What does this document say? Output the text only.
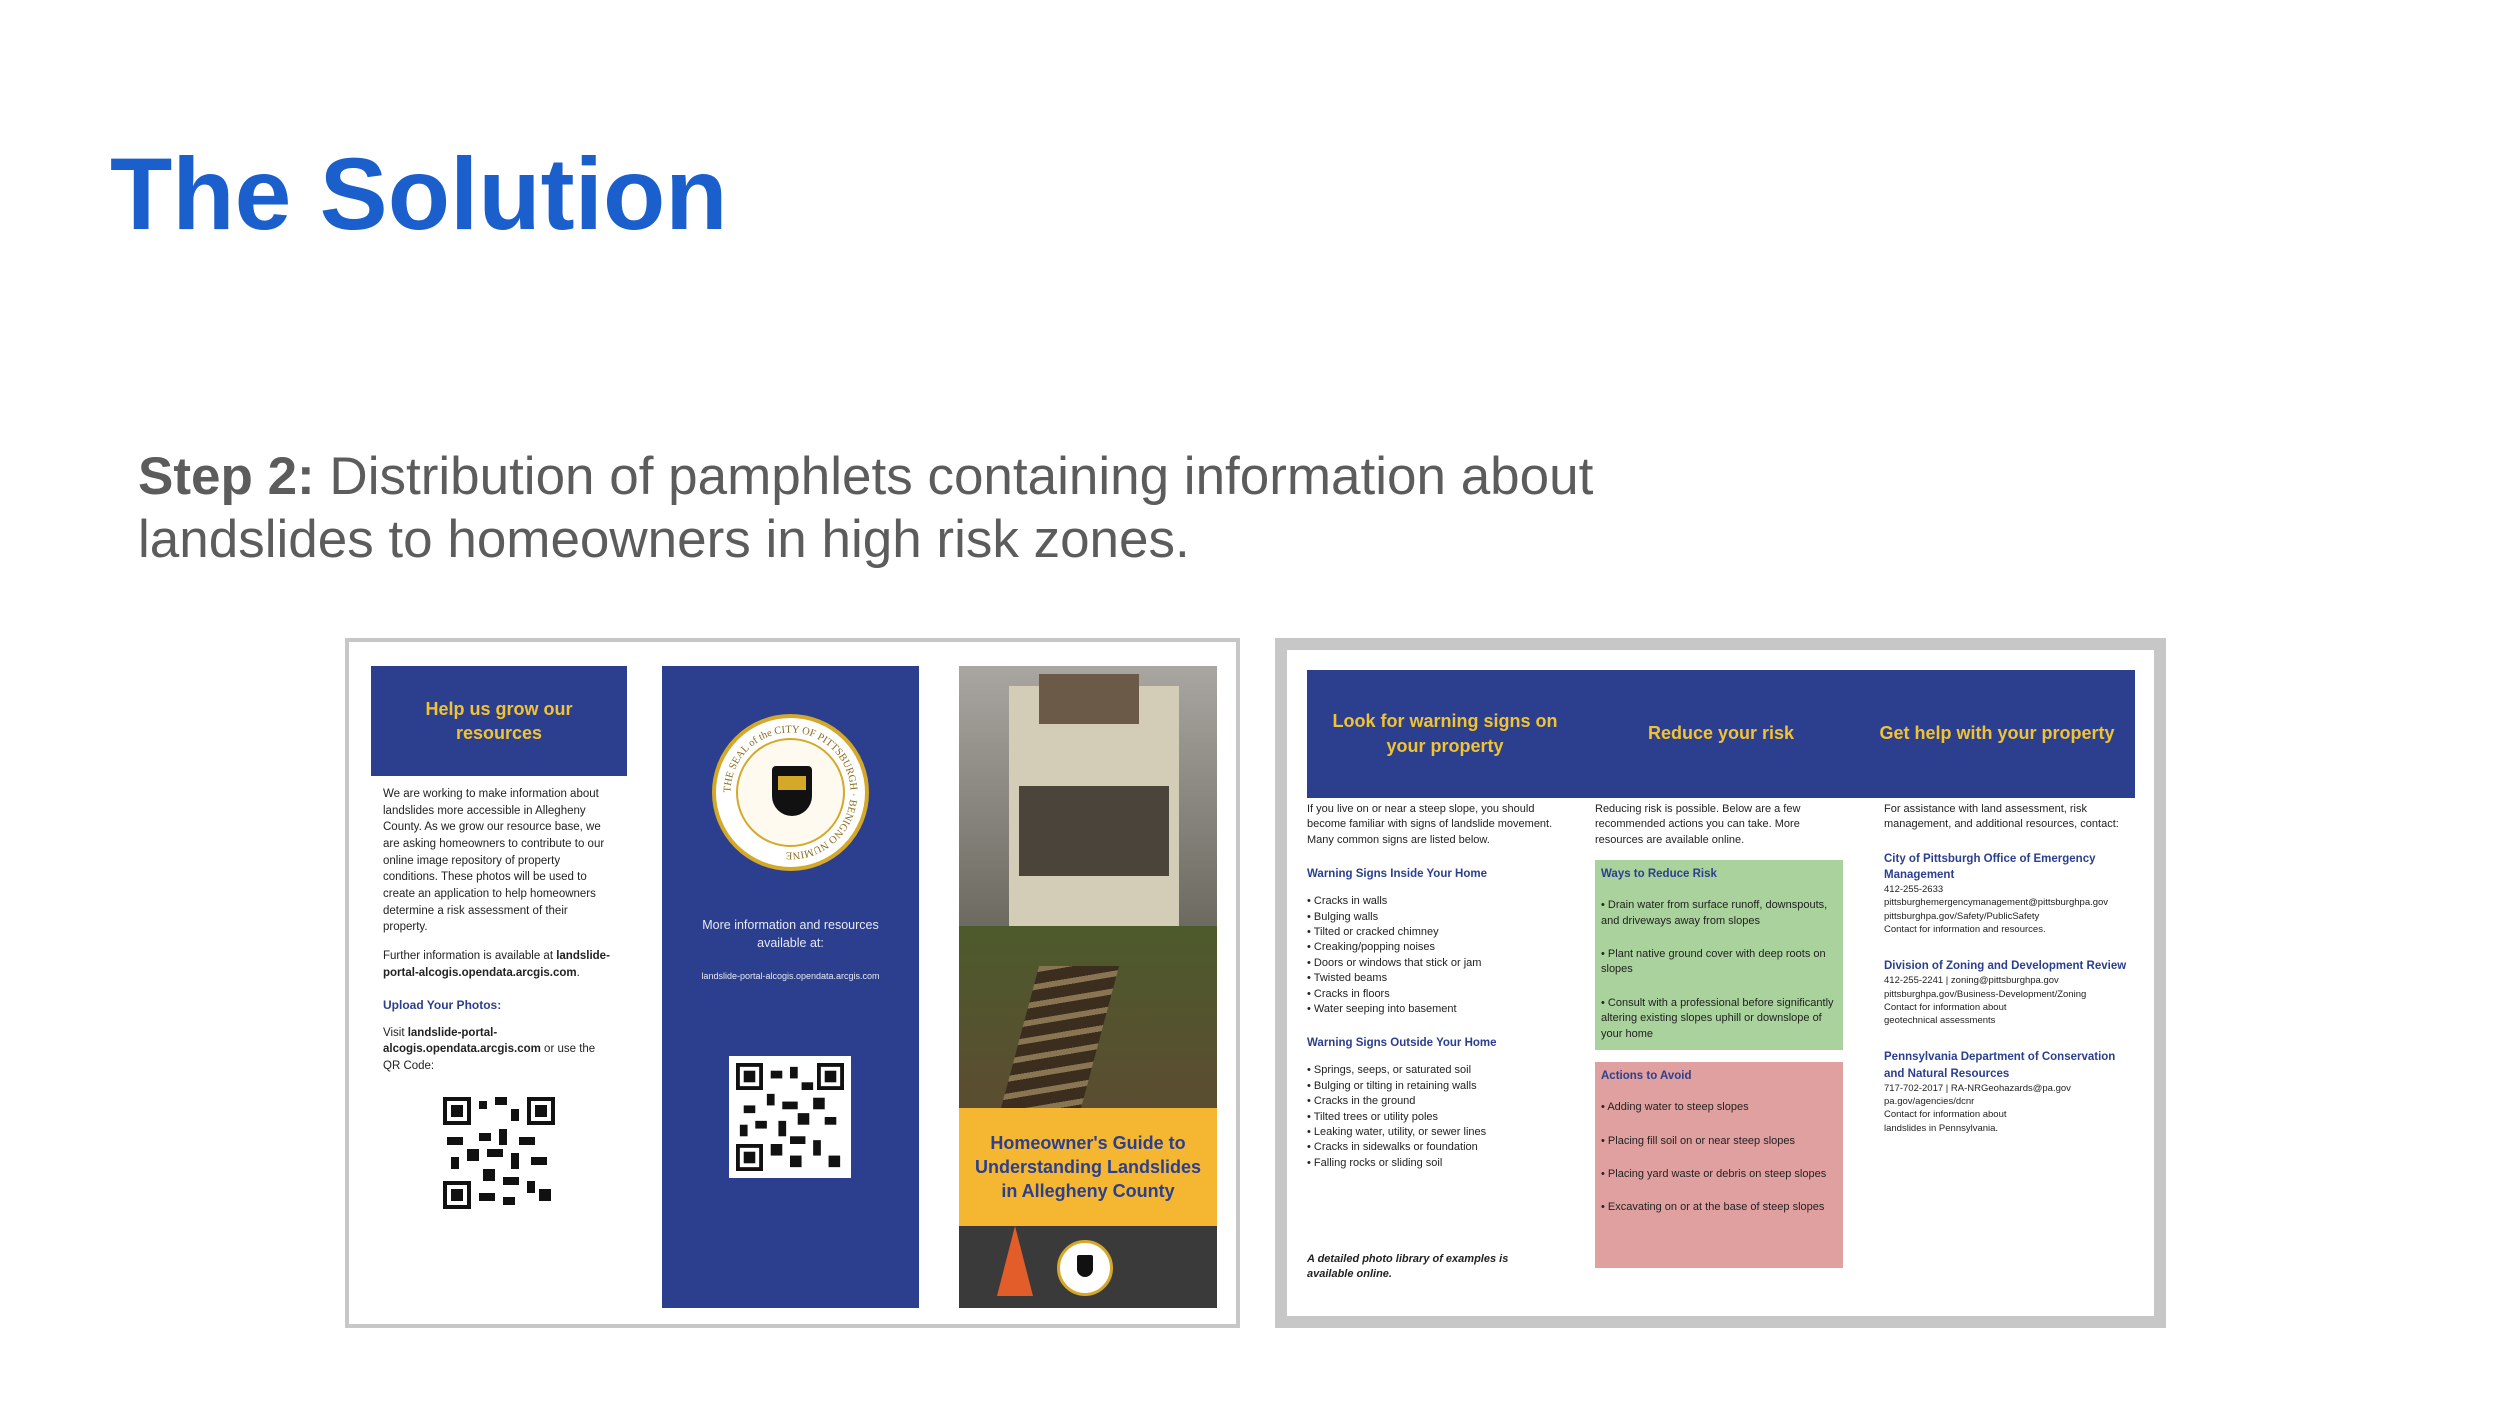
The Solution

Step 2: Distribution of pamphlets containing information about landslides to homeowners in high risk zones.

Help us grow our resources

We are working to make information about landslides more accessible in Allegheny County. As we grow our resource base, we are asking homeowners to contribute to our online image repository of property conditions. These photos will be used to create an application to help homeowners determine a risk assessment of their property.

Further information is available at landslide-portal-alcogis.opendata.arcgis.com.

Upload Your Photos:

Visit landslide-portal-alcogis.opendata.arcgis.com or use the QR Code:

THE SEAL of the CITY OF PITTSBURGH · BENIGNO NUMINE
More information and resources available at:
landslide-portal-alcogis.opendata.arcgis.com
Homeowner's Guide to Understanding Landslides in Allegheny County
Look for warning signs on your property
Reduce your risk	Get help with your property

If you live on or near a steep slope, you should become familiar with signs of landslide movement. Many common signs are listed below.

Warning Signs Inside Your Home
• Cracks in walls
• Bulging walls
• Tilted or cracked chimney
• Creaking/popping noises
• Doors or windows that stick or jam
• Twisted beams
• Cracks in floors
• Water seeping into basement
Warning Signs Outside Your Home
• Springs, seeps, or saturated soil
• Bulging or tilting in retaining walls
• Cracks in the ground
• Tilted trees or utility poles
• Leaking water, utility, or sewer lines
• Cracks in sidewalks or foundation
• Falling rocks or sliding soil
A detailed photo library of examples is available online.

Reducing risk is possible. Below are a few recommended actions you can take. More resources are available online.

Ways to Reduce Risk
• Drain water from surface runoff, downspouts, and driveways away from slopes
• Plant native ground cover with deep roots on slopes
• Consult with a professional before significantly altering existing slopes uphill or downslope of your home
Actions to Avoid
• Adding water to steep slopes
• Placing fill soil on or near steep slopes
• Placing yard waste or debris on steep slopes
• Excavating on or at the base of steep slopes

For assistance with land assessment, risk management, and additional resources, contact:

City of Pittsburgh Office of Emergency Management
412-255-2633
pittsburghemergencymanagement@pittsburghpa.gov
pittsburghpa.gov/Safety/PublicSafety
Contact for information and resources.
Division of Zoning and Development Review
412-255-2241 | zoning@pittsburghpa.gov
pittsburghpa.gov/Business-Development/Zoning
Contact for information about
geotechnical assessments
Pennsylvania Department of Conservation and Natural Resources
717-702-2017 | RA-NRGeohazards@pa.gov
pa.gov/agencies/dcnr
Contact for information about
landslides in Pennsylvania.
